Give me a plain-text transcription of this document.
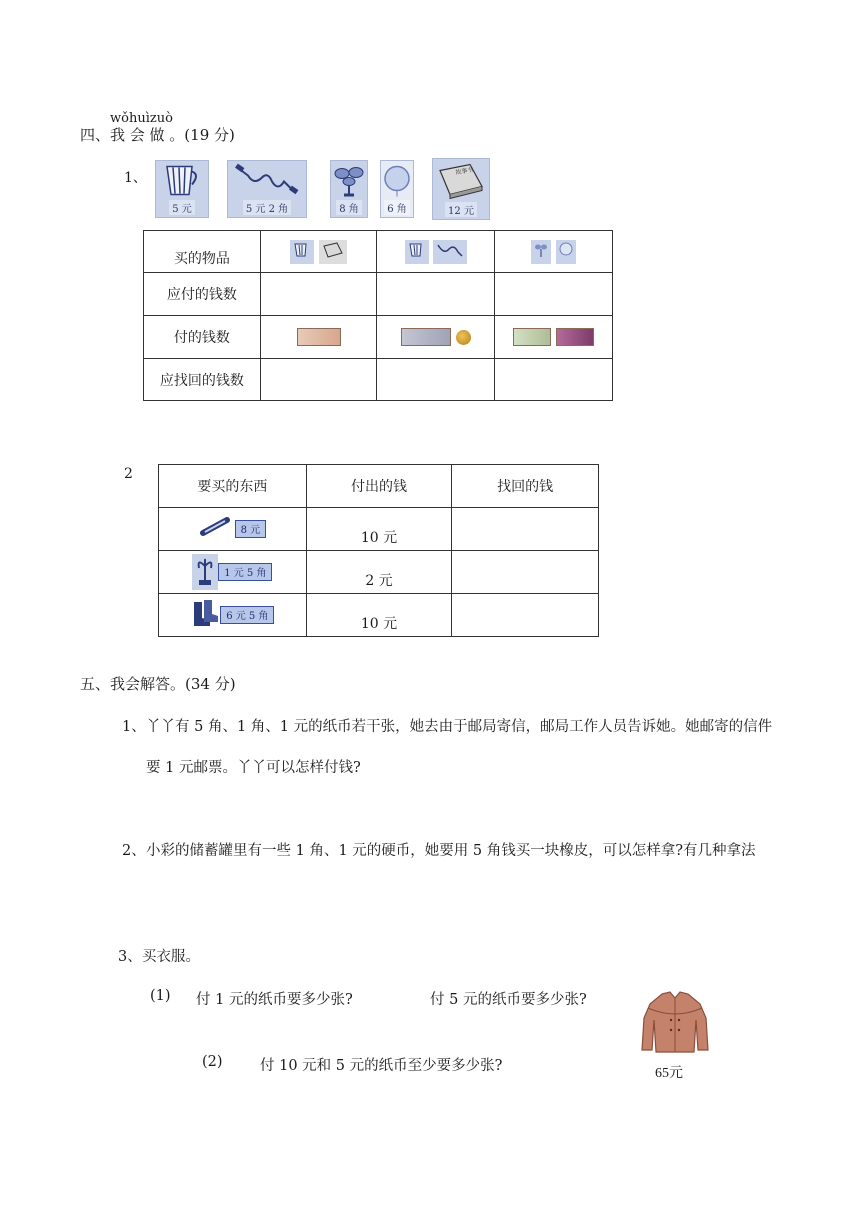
wǒhuìzuò
四、我 会 做 。(19 分)
1、
5 元	5 元 2 角	8 角	6 角
故事书
12 元
买的物品			
应付的钱数			
付的钱数			
应找回的钱数			
2
要买的东西	付出的钱	找回的钱
8 元	10 元	
1 元 5 角	2 元	
6 元 5 角	10 元	
五、我会解答。(34 分)
1、 丫丫有 5 角、1 角、1 元的纸币若干张，她去由于邮局寄信，邮局工作人员告诉她。她邮寄的信件
要 1 元邮票。丫丫可以怎样付钱?
2、 小彩的储蓄罐里有一些 1 角、1 元的硬币，她要用 5 角钱买一块橡皮，可以怎样拿?有几种拿法
3、 买衣服。
(1) 付 1 元的纸币要多少张?	付 5 元的纸币要多少张?
(2)	付 10 元和 5 元的纸币至少要多少张?	65元
